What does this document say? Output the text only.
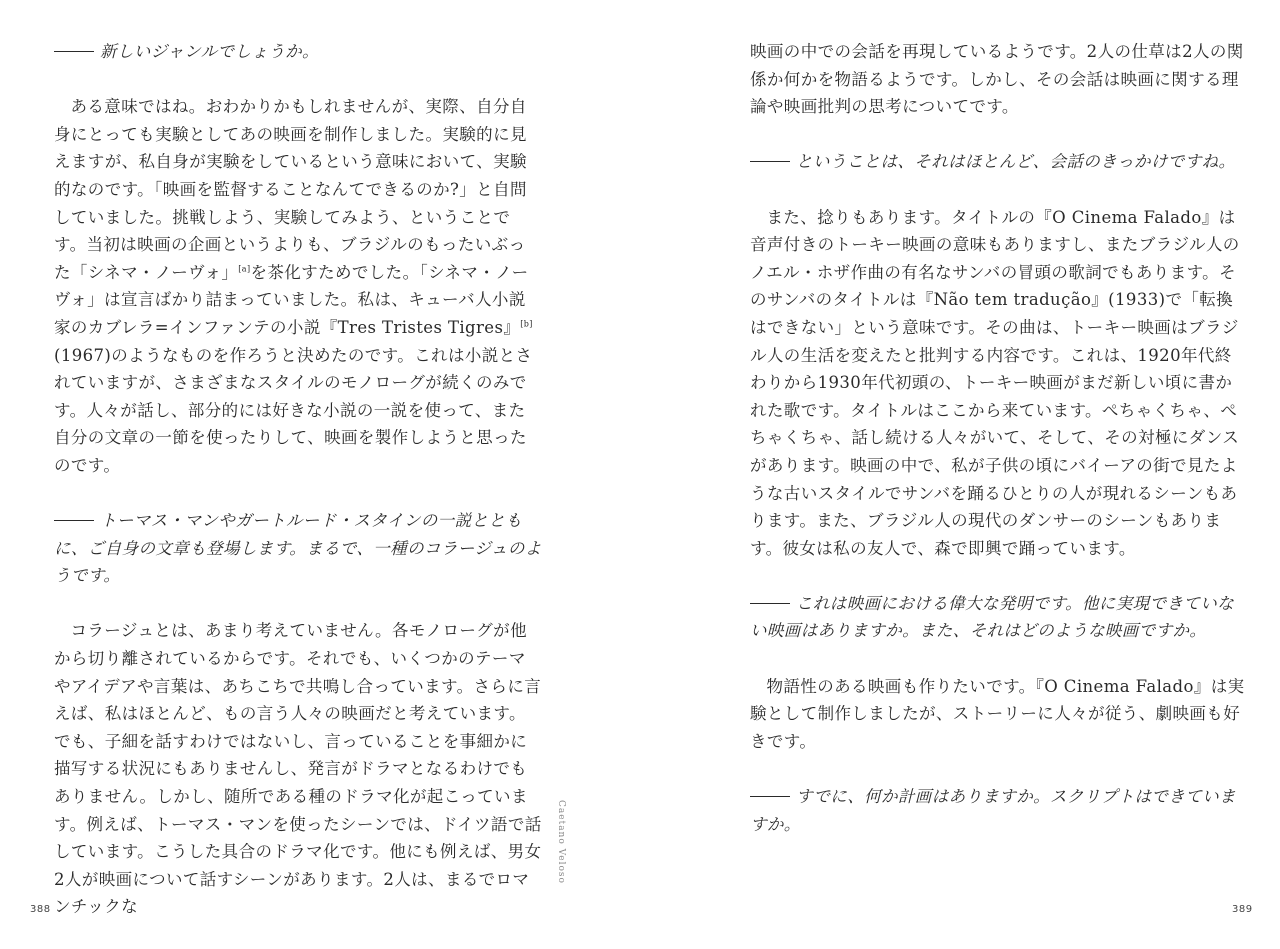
新しいジャンルでしょうか。

ある意味ではね。おわかりかもしれませんが、実際、自分自身にとっても実験としてあの映画を制作しました。実験的に見えますが、私自身が実験をしているという意味において、実験的なのです。「映画を監督することなんてできるのか?」と自問していました。挑戦しよう、実験してみよう、ということです。当初は映画の企画というよりも、ブラジルのもったいぶった「シネマ・ノーヴォ」[a]を茶化すためでした。「シネマ・ノーヴォ」は宣言ばかり詰まっていました。私は、キューバ人小説家のカブレラ=インファンテの小説『Tres Tristes Tigres』[b](1967)のようなものを作ろうと決めたのです。これは小説とされていますが、さまざまなスタイルのモノローグが続くのみです。人々が話し、部分的には好きな小説の一説を使って、また自分の文章の一節を使ったりして、映画を製作しようと思ったのです。

トーマス・マンやガートルード・スタインの一説とともに、ご自身の文章も登場します。まるで、一種のコラージュのようです。

コラージュとは、あまり考えていません。各モノローグが他から切り離されているからです。それでも、いくつかのテーマやアイデアや言葉は、あちこちで共鳴し合っています。さらに言えば、私はほとんど、もの言う人々の映画だと考えています。でも、子細を話すわけではないし、言っていることを事細かに描写する状況にもありませんし、発言がドラマとなるわけでもありません。しかし、随所である種のドラマ化が起こっています。例えば、トーマス・マンを使ったシーンでは、ドイツ語で話しています。こうした具合のドラマ化です。他にも例えば、男女2人が映画について話すシーンがあります。2人は、まるでロマンチックな

Caetano Veloso
388

映画の中での会話を再現しているようです。2人の仕草は2人の関係か何かを物語るようです。しかし、その会話は映画に関する理論や映画批判の思考についてです。

ということは、それはほとんど、会話のきっかけですね。

また、捻りもあります。タイトルの『O Cinema Falado』は音声付きのトーキー映画の意味もありますし、またブラジル人のノエル・ホザ作曲の有名なサンバの冒頭の歌詞でもあります。そのサンバのタイトルは『Não tem tradução』(1933)で「転換はできない」という意味です。その曲は、トーキー映画はブラジル人の生活を変えたと批判する内容です。これは、1920年代終わりから1930年代初頭の、トーキー映画がまだ新しい頃に書かれた歌です。タイトルはここから来ています。ぺちゃくちゃ、ぺちゃくちゃ、話し続ける人々がいて、そして、その対極にダンスがあります。映画の中で、私が子供の頃にバイーアの街で見たような古いスタイルでサンバを踊るひとりの人が現れるシーンもあります。また、ブラジル人の現代のダンサーのシーンもあります。彼女は私の友人で、森で即興で踊っています。

これは映画における偉大な発明です。他に実現できていない映画はありますか。また、それはどのような映画ですか。

物語性のある映画も作りたいです。『O Cinema Falado』は実験として制作しましたが、ストーリーに人々が従う、劇映画も好きです。

すでに、何か計画はありますか。スクリプトはできていますか。

389
